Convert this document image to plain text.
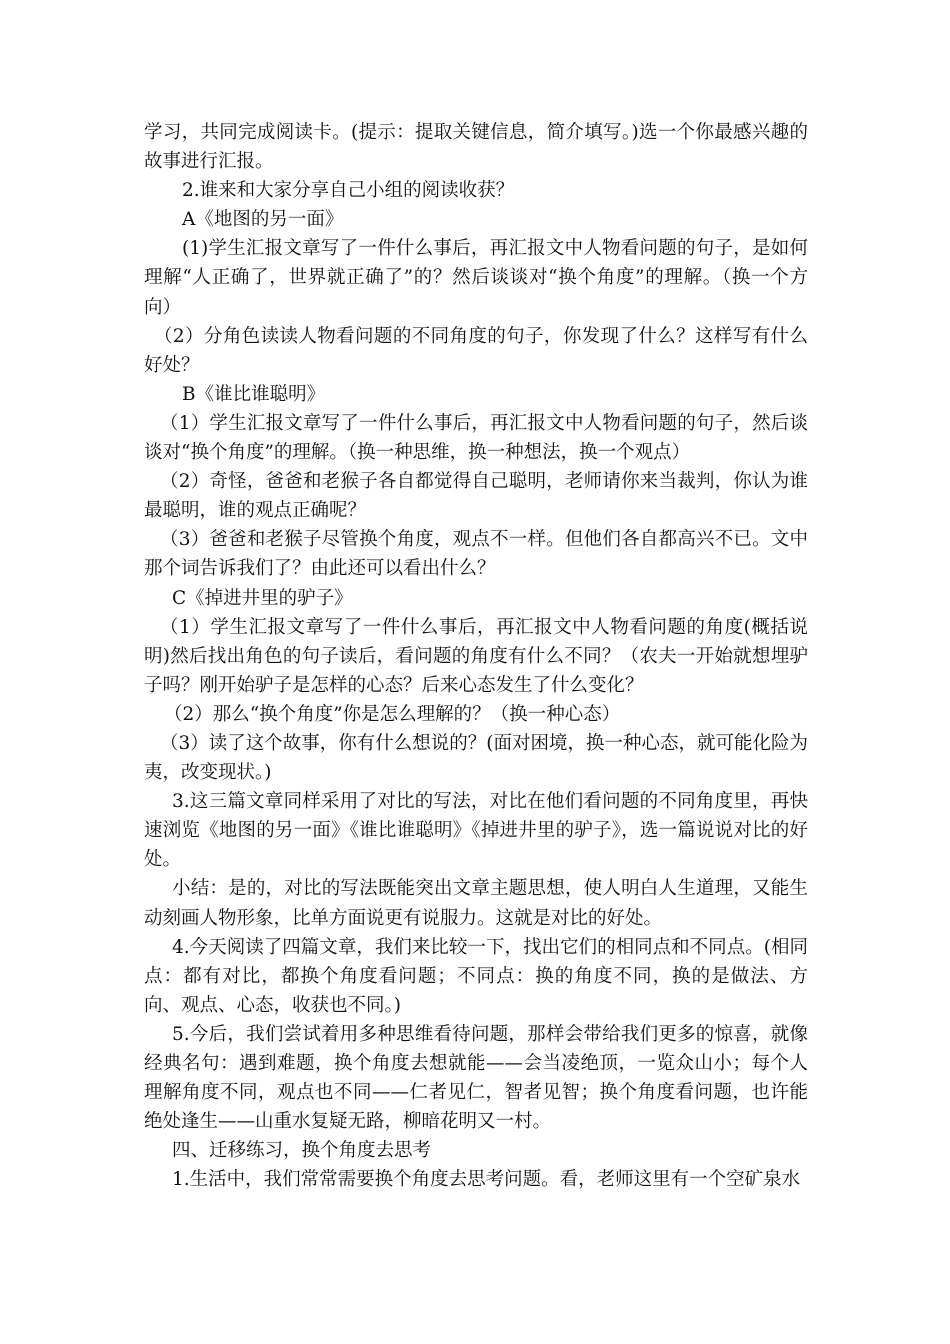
学习，共同完成阅读卡。(提示：提取关键信息，简介填写。)选一个你最感兴趣的故事进行汇报。

2.谁来和大家分享自己小组的阅读收获？

A《地图的另一面》

(1)学生汇报文章写了一件什么事后，再汇报文中人物看问题的句子，是如何理解“人正确了，世界就正确了”的？然后谈谈对“换个角度”的理解。（换一个方向）

（2）分角色读读人物看问题的不同角度的句子，你发现了什么？这样写有什么好处？

B《谁比谁聪明》

（1）学生汇报文章写了一件什么事后，再汇报文中人物看问题的句子，然后谈谈对“换个角度”的理解。（换一种思维，换一种想法，换一个观点）

（2）奇怪，爸爸和老猴子各自都觉得自己聪明，老师请你来当裁判，你认为谁最聪明，谁的观点正确呢？

（3）爸爸和老猴子尽管换个角度，观点不一样。但他们各自都高兴不已。文中那个词告诉我们了？由此还可以看出什么？

C《掉进井里的驴子》

（1）学生汇报文章写了一件什么事后，再汇报文中人物看问题的角度(概括说明)然后找出角色的句子读后，看问题的角度有什么不同？（农夫一开始就想埋驴子吗？刚开始驴子是怎样的心态？后来心态发生了什么变化？

（2）那么“换个角度”你是怎么理解的？（换一种心态）

（3）读了这个故事，你有什么想说的？(面对困境，换一种心态，就可能化险为夷，改变现状。)

3.这三篇文章同样采用了对比的写法，对比在他们看问题的不同角度里，再快速浏览《地图的另一面》《谁比谁聪明》《掉进井里的驴子》，选一篇说说对比的好处。

小结：是的，对比的写法既能突出文章主题思想，使人明白人生道理，又能生动刻画人物形象，比单方面说更有说服力。这就是对比的好处。

4.今天阅读了四篇文章，我们来比较一下，找出它们的相同点和不同点。(相同点：都有对比，都换个角度看问题；不同点：换的角度不同，换的是做法、方向、观点、心态，收获也不同。)

5.今后，我们尝试着用多种思维看待问题，那样会带给我们更多的惊喜，就像经典名句：遇到难题，换个角度去想就能——会当凌绝顶，一览众山小；每个人理解角度不同，观点也不同——仁者见仁，智者见智；换个角度看问题，也许能绝处逢生——山重水复疑无路，柳暗花明又一村。

四、迁移练习，换个角度去思考

1.生活中，我们常常需要换个角度去思考问题。看，老师这里有一个空矿泉水
